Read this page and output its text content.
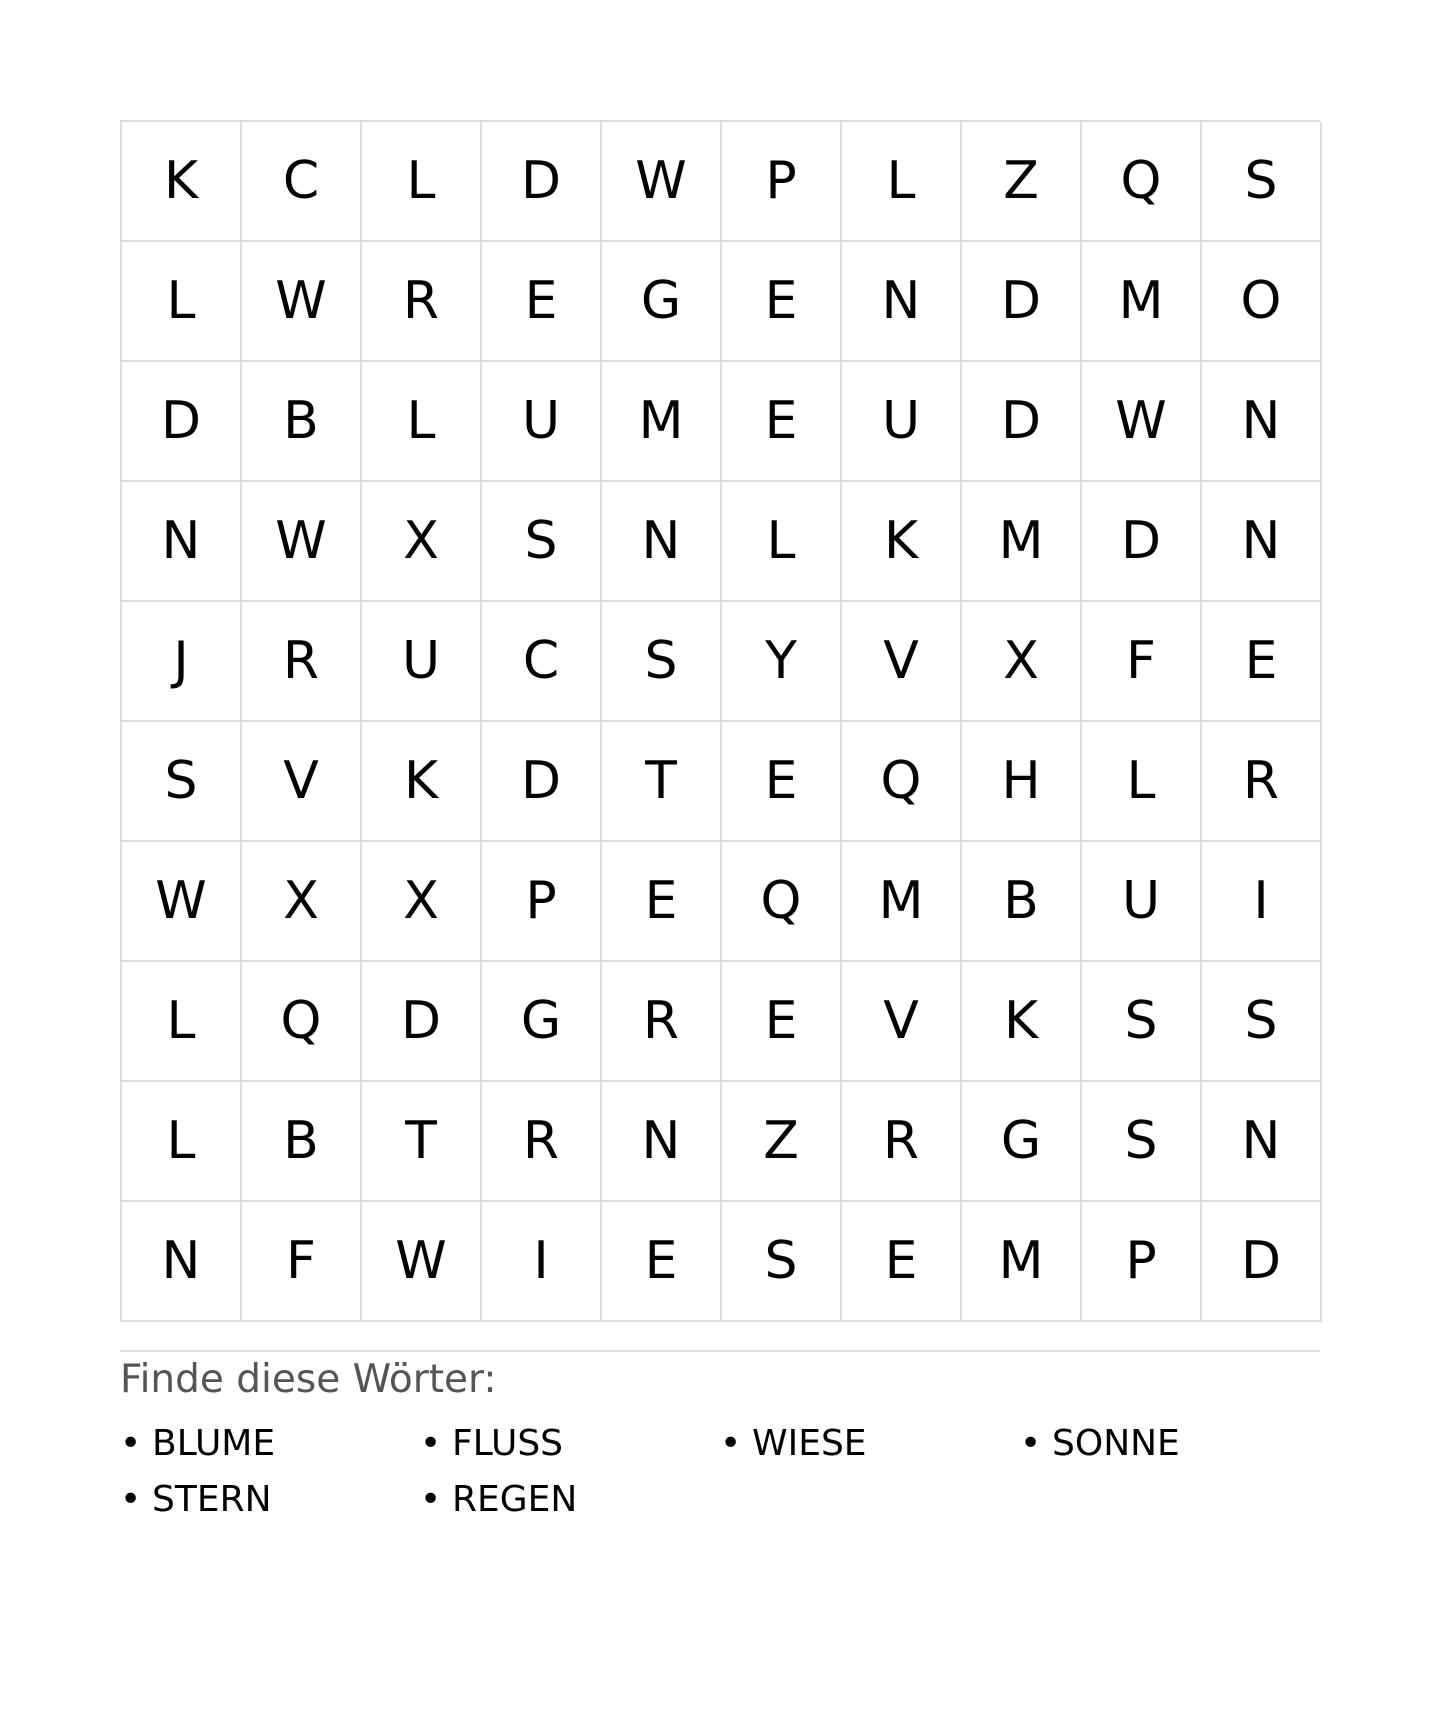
K	C	L	D	W	P	L	Z	Q	S
L	W	R	E	G	E	N	D	M	O
D	B	L	U	M	E	U	D	W	N
N	W	X	S	N	L	K	M	D	N
J	R	U	C	S	Y	V	X	F	E
S	V	K	D	T	E	Q	H	L	R
W	X	X	P	E	Q	M	B	U	I
L	Q	D	G	R	E	V	K	S	S
L	B	T	R	N	Z	R	G	S	N
N	F	W	I	E	S	E	M	P	D
Finde diese Wörter:
• BLUME	• FLUSS	• WIESE	• SONNE
• STERN	• REGEN
